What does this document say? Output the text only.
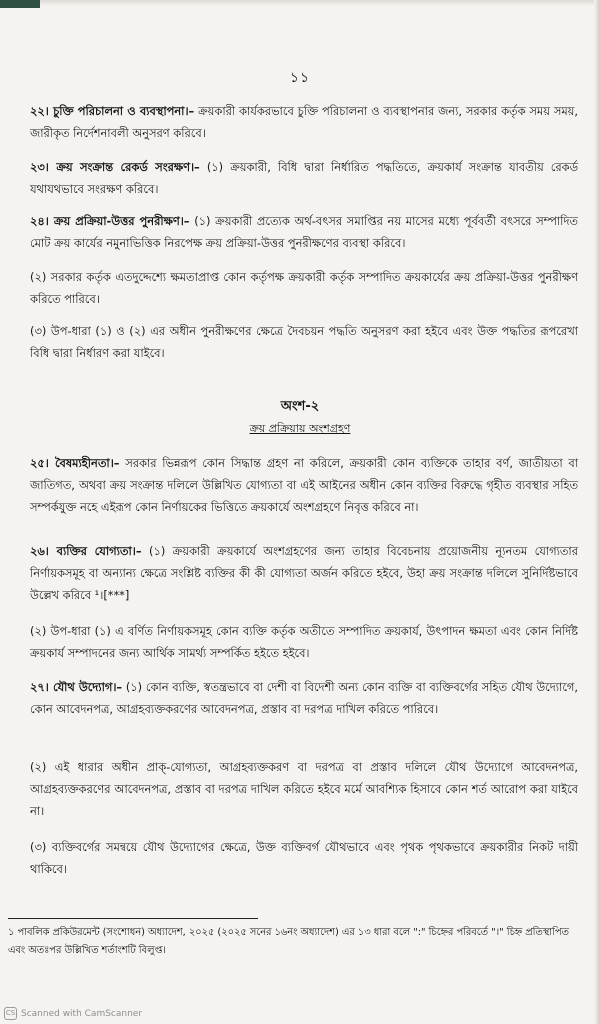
১১

২২। চুক্তি পরিচালনা ও ব্যবস্থাপনা।– ক্রয়কারী কার্যকরভাবে চুক্তি পরিচালনা ও ব্যবস্থাপনার জন্য, সরকার কর্তৃক সময় সময়, জারীকৃত নির্দেশনাবলী অনুসরণ করিবে।

২৩। ক্রয় সংক্রান্ত রেকর্ড সংরক্ষণ।– (১) ক্রয়কারী, বিধি দ্বারা নির্ধারিত পদ্ধতিতে, ক্রয়কার্য সংক্রান্ত যাবতীয় রেকর্ড যথাযথভাবে সংরক্ষণ করিবে।

২৪। ক্রয় প্রক্রিয়া-উত্তর পুনরীক্ষণ।– (১) ক্রয়কারী প্রত্যেক অর্থ-বৎসর সমাপ্তির নয় মাসের মধ্যে পূর্ববর্তী বৎসরে সম্পাদিত মোট ক্রয় কার্যের নমুনাভিত্তিক নিরপেক্ষ ক্রয় প্রক্রিয়া-উত্তর পুনরীক্ষণের ব্যবস্থা করিবে।

(২) সরকার কর্তৃক এতদুদ্দেশ্যে ক্ষমতাপ্রাপ্ত কোন কর্তৃপক্ষ ক্রয়কারী কর্তৃক সম্পাদিত ক্রয়কার্যের ক্রয় প্রক্রিয়া-উত্তর পুনরীক্ষণ করিতে পারিবে।

(৩) উপ-ধারা (১) ও (২) এর অধীন পুনরীক্ষণের ক্ষেত্রে দৈবচয়ন পদ্ধতি অনুসরণ করা হইবে এবং উক্ত পদ্ধতির রূপরেখা বিধি দ্বারা নির্ধারণ করা যাইবে।

অংশ-২
ক্রয় প্রক্রিয়ায় অংশগ্রহণ

২৫। বৈষম্যহীনতা।– সরকার ভিন্নরূপ কোন সিদ্ধান্ত গ্রহণ না করিলে, ক্রয়কারী কোন ব্যক্তিকে তাহার বর্ণ, জাতীয়তা বা জাতিগত, অথবা ক্রয় সংক্রান্ত দলিলে উল্লিখিত যোগ্যতা বা এই আইনের অধীন কোন ব্যক্তির বিরুদ্ধে গৃহীত ব্যবস্থার সহিত সম্পর্কযুক্ত নহে এইরূপ কোন নির্ণায়কের ভিত্তিতে ক্রয়কার্যে অংশগ্রহণে নিবৃত্ত করিবে না।

২৬। ব্যক্তির যোগ্যতা।– (১) ক্রয়কারী ক্রয়কার্যে অংশগ্রহণের জন্য তাহার বিবেচনায় প্রয়োজনীয় ন্যূনতম যোগ্যতার নির্ণায়কসমূহ বা অন্যান্য ক্ষেত্রে সংশ্লিষ্ট ব্যক্তির কী কী যোগ্যতা অর্জন করিতে হইবে, উহা ক্রয় সংক্রান্ত দলিলে সুনির্দিষ্টভাবে উল্লেখ করিবে ¹।[***]

(২) উপ-ধারা (১) এ বর্ণিত নির্ণায়কসমূহ কোন ব্যক্তি কর্তৃক অতীতে সম্পাদিত ক্রয়কার্য, উৎপাদন ক্ষমতা এবং কোন নির্দিষ্ট ক্রয়কার্য সম্পাদনের জন্য আর্থিক সামর্থ্য সম্পর্কিত হইতে হইবে।

২৭। যৌথ উদ্যোগ।– (১) কোন ব্যক্তি, স্বতন্ত্রভাবে বা দেশী বা বিদেশী অন্য কোন ব্যক্তি বা ব্যক্তিবর্গের সহিত যৌথ উদ্যোগে, কোন আবেদনপত্র, আগ্রহব্যক্তকরণের আবেদনপত্র, প্রস্তাব বা দরপত্র দাখিল করিতে পারিবে।

(২) এই ধারার অধীন প্রাক্-যোগ্যতা, আগ্রহব্যক্তকরণ বা দরপত্র বা প্রস্তাব দলিলে যৌথ উদ্যোগে আবেদনপত্র, আগ্রহব্যক্তকরণের আবেদনপত্র, প্রস্তাব বা দরপত্র দাখিল করিতে হইবে মর্মে আবশ্যিক হিসাবে কোন শর্ত আরোপ করা যাইবে না।

(৩) ব্যক্তিবর্গের সমন্বয়ে যৌথ উদ্যোগের ক্ষেত্রে, উক্ত ব্যক্তিবর্গ যৌথভাবে এবং পৃথক পৃথকভাবে ক্রয়কারীর নিকট দায়ী থাকিবে।

১ পাবলিক প্রকিউরমেন্ট (সংশোধন) অধ্যাদেশ, ২০২৫ (২০২৫ সনের ১৬নং অধ্যাদেশ) এর ১৩ ধারা বলে ":" চিহ্নের পরিবর্তে "।" চিহ্ন প্রতিস্থাপিত এবং অতঃপর উল্লিখিত শর্তাংশটি বিলুপ্ত।

CS Scanned with CamScanner
